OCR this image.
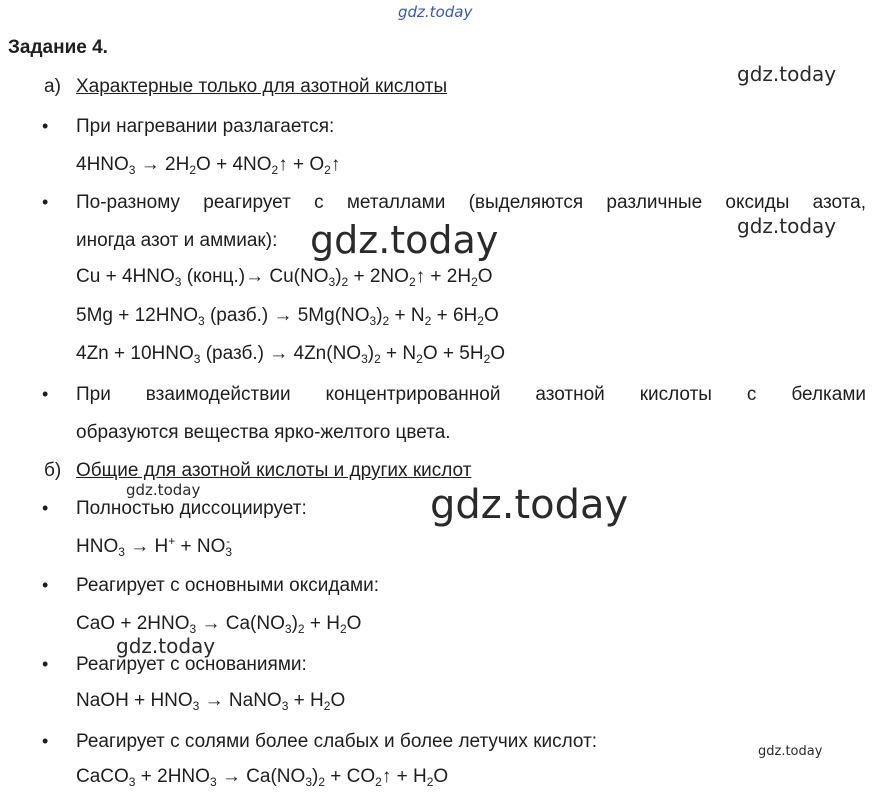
gdz.today
gdz.today
gdz.today
gdz.today
gdz.today	gdz.today
gdz.today
gdz.today
Задание 4.
а) Характерные только для азотной кислоты
• При нагревании разлагается:
$4HNO_3 \to 2H_2O$ + $4NO_2↑$ + $O_2↑$
• По-разному реагирует с металлами (выделяются различные оксиды азота,
иногда азот и аммиак):
$Cu + 4HNO_3$ (конц.)→ $Cu(NO_3)_2$ + $2NO_2↑ + 2H_2O$
$5Mg + 12HNO_3$ (разб.) → $5Mg(NO_3)_2 + N_2 + 6H_2O$
$4Zn + 10HNO_3$ (разб.) → $4Zn(NO_3)_2 + N_2O + 5H_2O$
• При взаимодействии концентрированной азотной кислоты с белками
образуются вещества ярко-желтого цвета.
б) Общие для азотной кислоты и других кислот
• Полностью диссоциирует:
$HNO_3 \to H^+ + NO_3^-$
• Реагирует с основными оксидами:
CaO + $2HNO_3 \to Ca(NO_3)_2 + H_2O$
• Реагирует с основаниями:
NaOH + $HNO_3$ → NaNO$_3$ + $H_2O$
• Реагирует с солями более слабых и более летучих кислот:
CaCO$_3$ + $2HNO_3 \to Ca(NO_3)_2$ + $CO_2↑ + H_2O$
